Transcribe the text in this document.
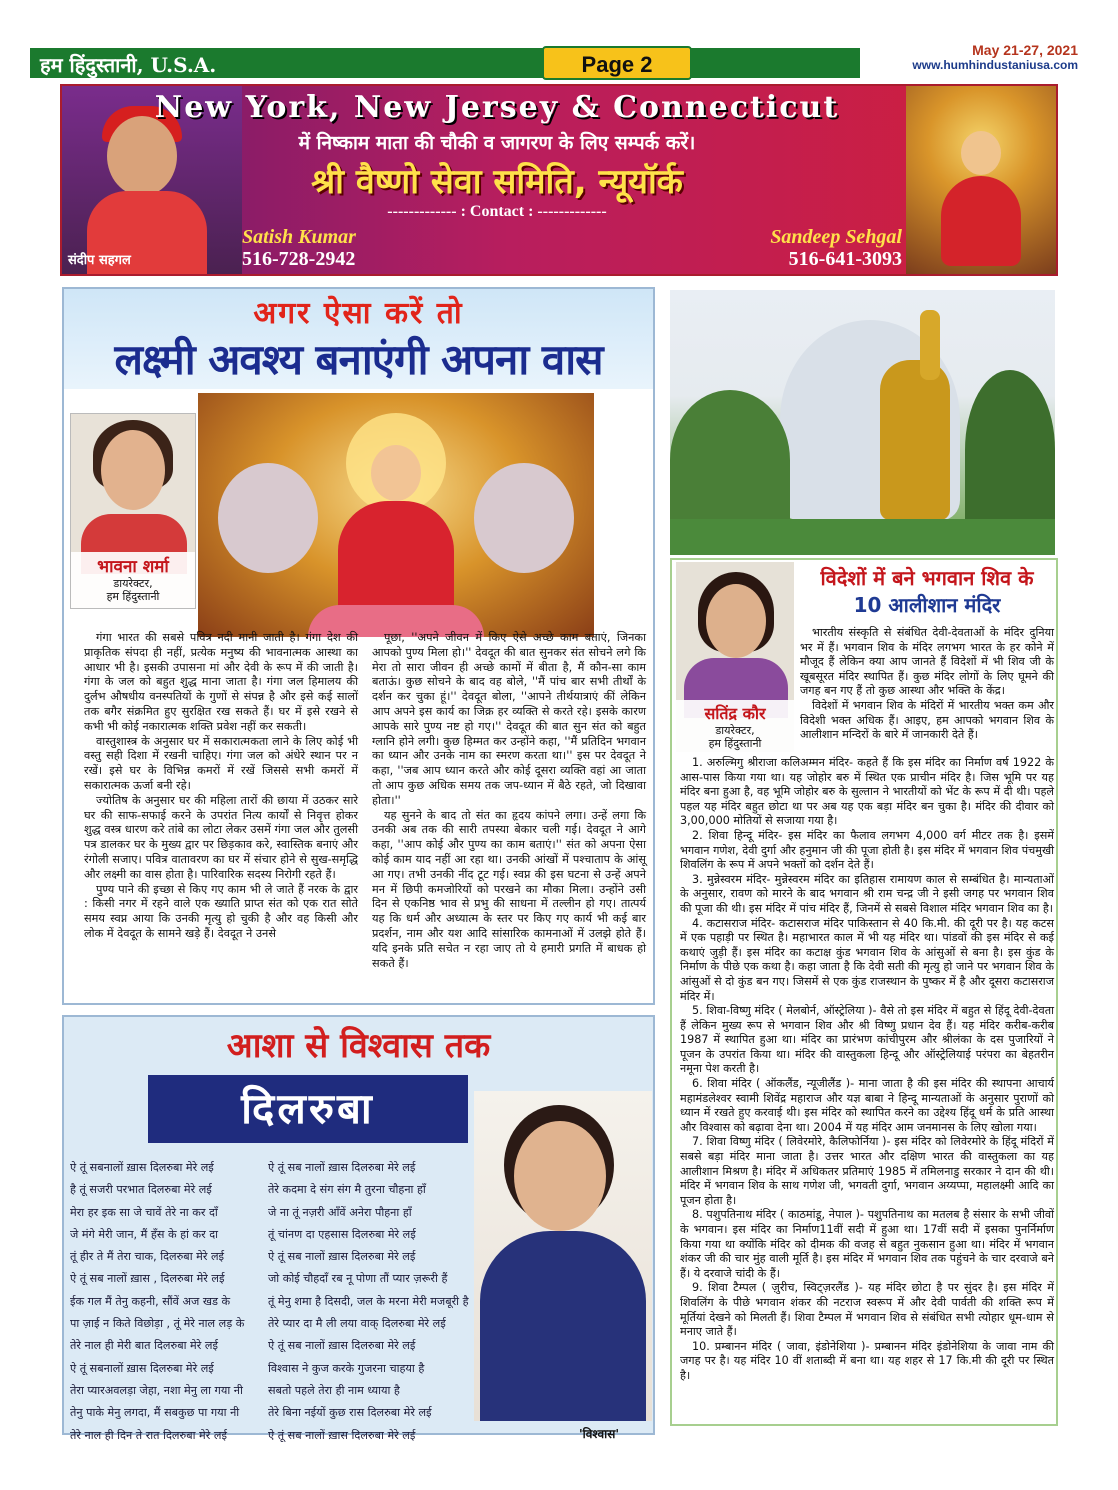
हम हिंदुस्तानी, U.S.A.	Page 2
May 21-27, 2021
www.humhindustaniusa.com
संदीप सहगल
New York, New Jersey & Connecticut
में निष्काम माता की चौकी व जागरण के लिए सम्पर्क करें।
श्री वैष्णो सेवा समिति, न्यूयॉर्क
------------- : Contact : -------------
Satish Kumar
516-728-2942
Sandeep Sehgal
516-641-3093
अगर ऐसा करें तो
लक्ष्मी अवश्य बनाएंगी अपना वास
भावना शर्मा
डायरेक्टर,
हम हिंदुस्तानी

गंगा भारत की सबसे पवित्र नदी मानी जाती है। गंगा देश की प्राकृतिक संपदा ही नहीं, प्रत्येक मनुष्य की भावनात्मक आस्था का आधार भी है। इसकी उपासना मां और देवी के रूप में की जाती है। गंगा के जल को बहुत शुद्ध माना जाता है। गंगा जल हिमालय की दुर्लभ औषधीय वनस्पतियों के गुणों से संपन्न है और इसे कई सालों तक बगैर संक्रमित हुए सुरक्षित रख सकते हैं। घर में इसे रखने से कभी भी कोई नकारात्मक शक्ति प्रवेश नहीं कर सकती।

वास्तुशास्त्र के अनुसार घर में सकारात्मकता लाने के लिए कोई भी वस्तु सही दिशा में रखनी चाहिए। गंगा जल को अंधेरे स्थान पर न रखें। इसे घर के विभिन्न कमरों में रखें जिससे सभी कमरों में सकारात्मक ऊर्जा बनी रहे।

ज्योतिष के अनुसार घर की महिला तारों की छाया में उठकर सारे घर की साफ-सफाई करने के उपरांत नित्य कार्यों से निवृत्त होकर शुद्ध वस्त्र धारण करे तांबे का लोटा लेकर उसमें गंगा जल और तुलसी पत्र डालकर घर के मुख्य द्वार पर छिड़काव करे, स्वास्तिक बनाएं और रंगोली सजाए। पवित्र वातावरण का घर में संचार होने से सुख-समृद्धि और लक्ष्मी का वास होता है। पारिवारिक सदस्य निरोगी रहते हैं।

पुण्य पाने की इच्छा से किए गए काम भी ले जाते हैं नरक के द्वार : किसी नगर में रहने वाले एक ख्याति प्राप्त संत को एक रात सोते समय स्वप्न आया कि उनकी मृत्यु हो चुकी है और वह किसी और लोक में देवदूत के सामने खड़े हैं। देवदूत ने उनसे

पूछा, ''अपने जीवन में किए ऐसे अच्छे काम बताएं, जिनका आपको पुण्य मिला हो।'' देवदूत की बात सुनकर संत सोचने लगे कि मेरा तो सारा जीवन ही अच्छे कामों में बीता है, मैं कौन-सा काम बताऊं। कुछ सोचने के बाद वह बोले, ''मैं पांच बार सभी तीर्थों के दर्शन कर चुका हूं।'' देवदूत बोला, ''आपने तीर्थयात्राएं कीं लेकिन आप अपने इस कार्य का जिक्र हर व्यक्ति से करते रहे। इसके कारण आपके सारे पुण्य नष्ट हो गए।'' देवदूत की बात सुन संत को बहुत ग्लानि होने लगी। कुछ हिम्मत कर उन्होंने कहा, ''मैं प्रतिदिन भगवान का ध्यान और उनके नाम का स्मरण करता था।'' इस पर देवदूत ने कहा, ''जब आप ध्यान करते और कोई दूसरा व्यक्ति वहां आ जाता तो आप कुछ अधिक समय तक जप-ध्यान में बैठे रहते, जो दिखावा होता।''

यह सुनने के बाद तो संत का हृदय कांपने लगा। उन्हें लगा कि उनकी अब तक की सारी तपस्या बेकार चली गई। देवदूत ने आगे कहा, ''आप कोई और पुण्य का काम बताएं।'' संत को अपना ऐसा कोई काम याद नहीं आ रहा था। उनकी आंखों में पश्चाताप के आंसू आ गए। तभी उनकी नींद टूट गई। स्वप्न की इस घटना से उन्हें अपने मन में छिपी कमजोरियों को परखने का मौका मिला। उन्होंने उसी दिन से एकनिष्ठ भाव से प्रभु की साधना में तल्लीन हो गए। तात्पर्य यह कि धर्म और अध्यात्म के स्तर पर किए गए कार्य भी कई बार प्रदर्शन, नाम और यश आदि सांसारिक कामनाओं में उलझे होते हैं। यदि इनके प्रति सचेत न रहा जाए तो ये हमारी प्रगति में बाधक हो सकते हैं।

सतिंद्र कौर
डायरेक्टर,
हम हिंदुस्तानी
विदेशों में बने भगवान शिव के
10 आलीशान मंदिर

भारतीय संस्कृति से संबंधित देवी-देवताओं के मंदिर दुनिया भर में हैं। भगवान शिव के मंदिर लगभग भारत के हर कोने में मौजूद हैं लेकिन क्या आप जानते हैं विदेशों में भी शिव जी के खूबसूरत मंदिर स्थापित हैं। कुछ मंदिर लोगों के लिए घूमने की जगह बन गए हैं तो कुछ आस्था और भक्ति के केंद्र।

विदेशों में भगवान शिव के मंदिरों में भारतीय भक्त कम और विदेशी भक्त अधिक हैं। आइए, हम आपको भगवान शिव के आलीशान मन्दिरों के बारे में जानकारी देते हैं।

1. अरुल्मिगु श्रीराजा कलिअम्मन मंदिर- कहते हैं कि इस मंदिर का निर्माण वर्ष 1922 के आस-पास किया गया था। यह जोहोर बरु में स्थित एक प्राचीन मंदिर है। जिस भूमि पर यह मंदिर बना हुआ है, वह भूमि जोहोर बरु के सुल्तान ने भारतीयों को भेंट के रूप में दी थी। पहले पहल यह मंदिर बहुत छोटा था पर अब यह एक बड़ा मंदिर बन चुका है। मंदिर की दीवार को 3,00,000 मोतियों से सजाया गया है।

2. शिवा हिन्दू मंदिर- इस मंदिर का फैलाव लगभग 4,000 वर्ग मीटर तक है। इसमें भगवान गणेश, देवी दुर्गा और हनुमान जी की पूजा होती है। इस मंदिर में भगवान शिव पंचमुखी शिवलिंग के रूप में अपने भक्तों को दर्शन देते हैं।

3. मुन्नेस्वरम मंदिर- मुन्नेस्वरम मंदिर का इतिहास रामायण काल से सम्बंधित है। मान्यताओं के अनुसार, रावण को मारने के बाद भगवान श्री राम चन्द्र जी ने इसी जगह पर भगवान शिव की पूजा की थी। इस मंदिर में पांच मंदिर हैं, जिनमें से सबसे विशाल मंदिर भगवान शिव का है।

4. कटासराज मंदिर- कटासराज मंदिर पाकिस्तान से 40 कि.मी. की दूरी पर है। यह कटस में एक पहाड़ी पर स्थित है। महाभारत काल में भी यह मंदिर था। पांडवों की इस मंदिर से कई कथाएं जुड़ी हैं। इस मंदिर का कटाक्ष कुंड भगवान शिव के आंसुओं से बना है। इस कुंड के निर्माण के पीछे एक कथा है। कहा जाता है कि देवी सती की मृत्यु हो जाने पर भगवान शिव के आंसुओं से दो कुंड बन गए। जिसमें से एक कुंड राजस्थान के पुष्कर में है और दूसरा कटासराज मंदिर में।

5. शिवा-विष्णु मंदिर ( मेलबोर्न, ऑस्ट्रेलिया )- वैसे तो इस मंदिर में बहुत से हिंदू देवी-देवता हैं लेकिन मुख्य रूप से भगवान शिव और श्री विष्णु प्रधान देव हैं। यह मंदिर करीब-करीब 1987 में स्थापित हुआ था। मंदिर का प्रारंभण कांचीपुरम और श्रीलंका के दस पुजारियों ने पूजन के उपरांत किया था। मंदिर की वास्तुकला हिन्दू और ऑस्ट्रेलियाई परंपरा का बेहतरीन नमूना पेश करती है।

6. शिवा मंदिर ( ऑकलैंड, न्यूजीलैंड )- माना जाता है की इस मंदिर की स्थापना आचार्य महामंडलेश्वर स्वामी शिवेंद्र महाराज और यज्ञ बाबा ने हिन्दू मान्यताओं के अनुसार पुराणों को ध्यान में रखते हुए करवाई थी। इस मंदिर को स्थापित करने का उद्देश्य हिंदू धर्म के प्रति आस्था और विश्वास को बढ़ावा देना था। 2004 में यह मंदिर आम जनमानस के लिए खोला गया।

7. शिवा विष्णु मंदिर ( लिवेरमोरे, कैलिफोर्निया )- इस मंदिर को लिवेरमोरे के हिंदू मंदिरों में सबसे बड़ा मंदिर माना जाता है। उत्तर भारत और दक्षिण भारत की वास्तुकला का यह आलीशान मिश्रण है। मंदिर में अधिकतर प्रतिमाएं 1985 में तमिलनाडु सरकार ने दान की थी। मंदिर में भगवान शिव के साथ गणेश जी, भगवती दुर्गा, भगवान अय्यप्पा, महालक्ष्मी आदि का पूजन होता है।

8. पशुपतिनाथ मंदिर ( काठमांडू, नेपाल )- पशुपतिनाथ का मतलब है संसार के सभी जीवों के भगवान। इस मंदिर का निर्माण11वीं सदी में हुआ था। 17वीं सदी में इसका पुनर्निर्माण किया गया था क्योंकि मंदिर को दीमक की वजह से बहुत नुकसान हुआ था। मंदिर में भगवान शंकर जी की चार मुंह वाली मूर्ति है। इस मंदिर में भगवान शिव तक पहुंचने के चार दरवाजे बने हैं। ये दरवाजे चांदी के हैं।

9. शिवा टैम्पल ( ज़ुरीच, स्विट्ज़रलैंड )- यह मंदिर छोटा है पर सुंदर है। इस मंदिर में शिवलिंग के पीछे भगवान शंकर की नटराज स्वरूप में और देवी पार्वती की शक्ति रूप में मूर्तियां देखने को मिलती हैं। शिवा टैम्पल में भगवान शिव से संबंधित सभी त्योहार धूम-धाम से मनाए जाते हैं।

10. प्रम्बानन मंदिर ( जावा, इंडोनेशिया )- प्रम्बानन मंदिर इंडोनेशिया के जावा नाम की जगह पर है। यह मंदिर 10 वीं शताब्दी में बना था। यह शहर से 17 कि.मी की दूरी पर स्थित है।

आशा से विश्वास तक
दिलरुबा
ऐ तूं सबनालों ख़ास दिलरुबा मेरे लई
है तूं सजरी परभात दिलरुबा मेरे लई
मेरा हर इक सा जे चावें तेरे ना कर दाँ
जे मंगे मेरी जान, मैं हँस के हां कर दा
तूं हीर ते मैं तेरा चाक, दिलरुबा मेरे लई
ऐ तूं सब नालों ख़ास , दिलरुबा मेरे लई
ईक गल मैं तेनु कहनी, सौंवें अज खड के
पा ज़ाई न किते विछोड़ा , तूं मेरे नाल लड़ के
तेरे नाल ही मेरी बात दिलरुबा मेरे लई
ऐ तूं सबनालों ख़ास दिलरुबा मेरे लई
तेरा प्यारअवलड़ा जेहा, नशा मेनु ला गया नी
तेनु पाके मेनु लगदा, मैं सबकुछ पा गया नी
तेरे नाल ही दिन ते रात दिलरुबा मेरे लई
ऐ तूं सब नालों ख़ास दिलरुबा मेरे लई
तेरे कदमा दे संग संग मै तुरना चौहना हाँ
जे ना तूं नज़री आँवें अनेरा पौहना हाँ
तूं चांनण दा एहसास दिलरुबा मेरे लई
ऐ तूं सब नालों ख़ास दिलरुबा मेरे लई
जो कोई चौहदाँ रब नू पोणा तौं प्यार ज़रूरी हैं
तूं मेनु शमा है दिसदी, जल के मरना मेरी मजबूरी है
तेरे प्यार दा मै ली लया वाक् दिलरुबा मेरे लई
ऐ तूं सब नालों ख़ास दिलरुबा मेरे लई
विश्वास ने कुज करके गुजरना चाहया है
सबतो पहले तेरा ही नाम ध्याया है
तेरे बिना नईयों कुछ रास दिलरुबा मेरे लई
ऐ तूं सब नालों ख़ास दिलरुबा मेरे लई	'विश्वास'
